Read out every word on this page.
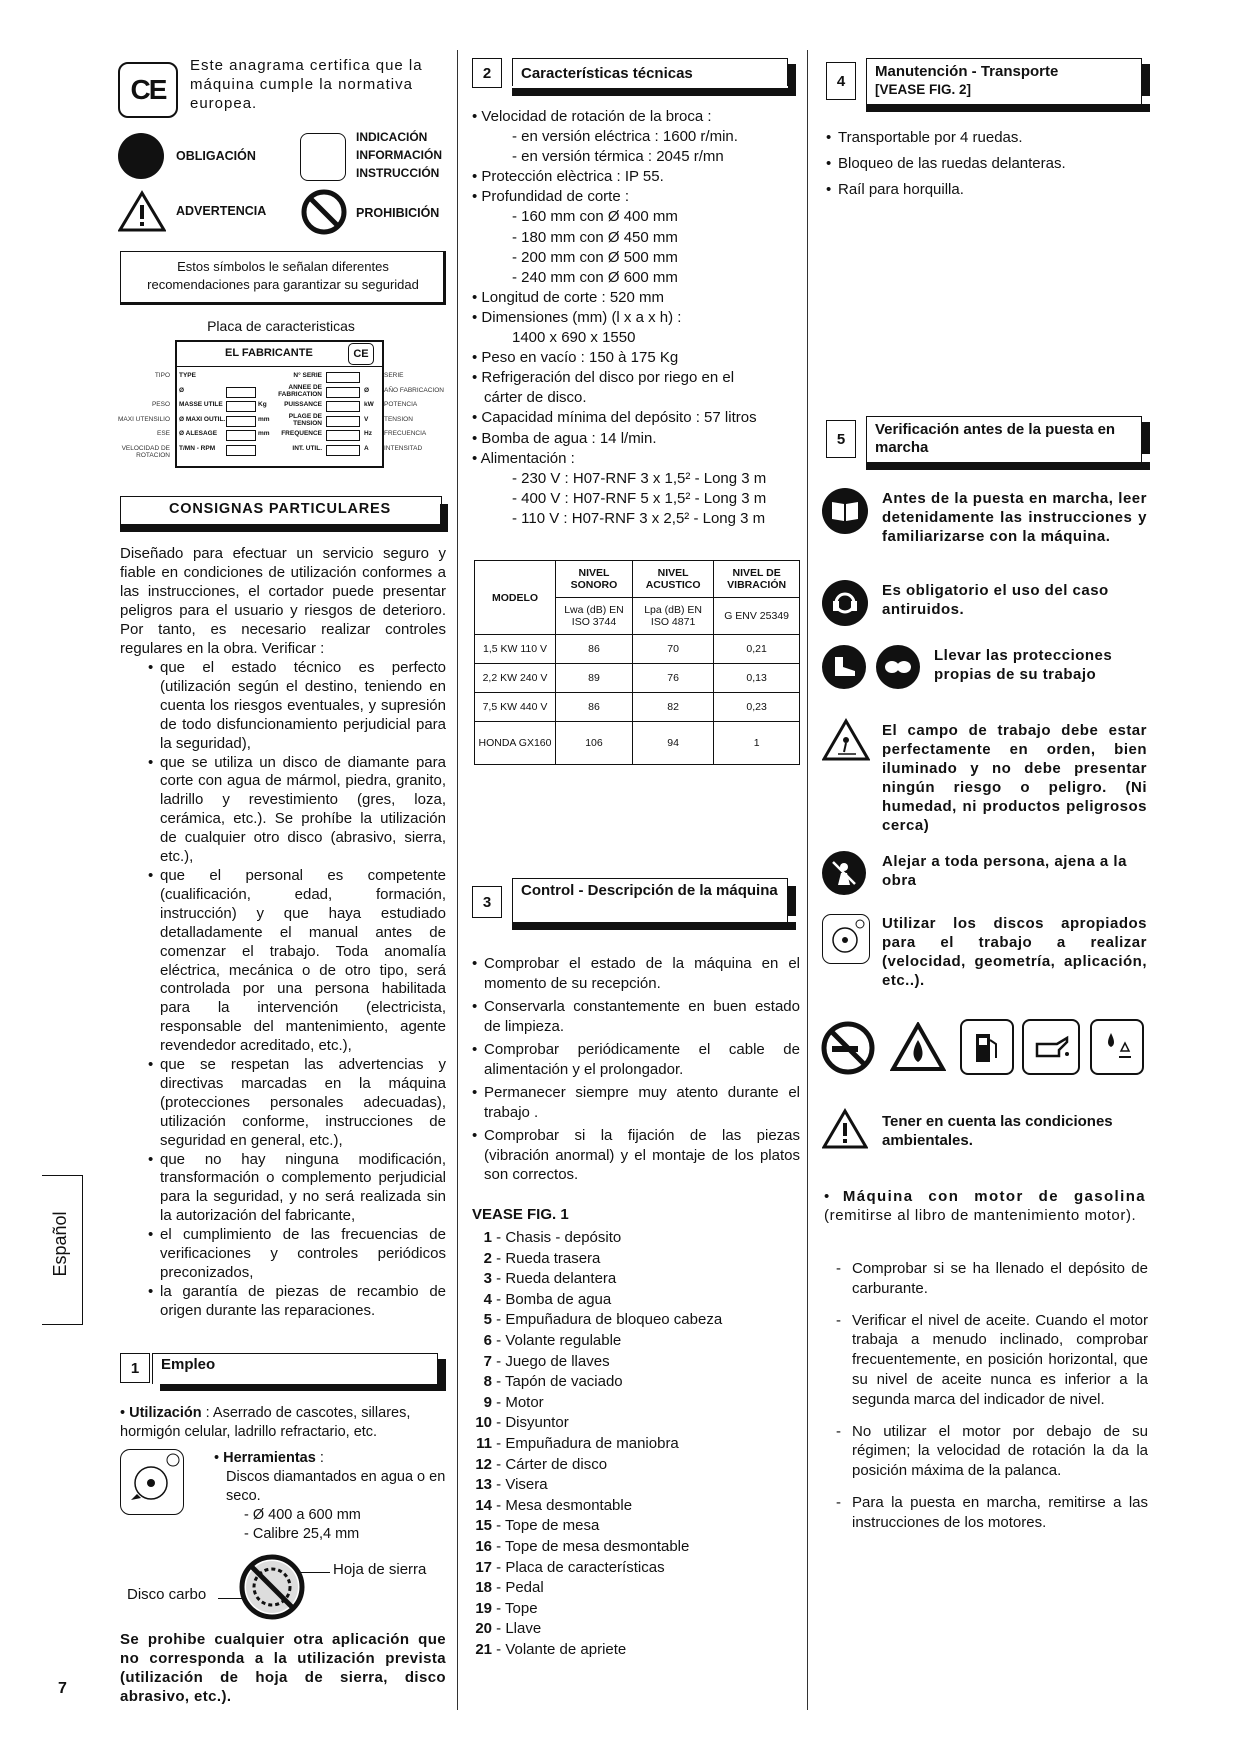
Español
7
CE
Este anagrama certifica que la máquina cumple la normativa europea.
OBLIGACIÓN
INDICACIÓN
INFORMACIÓN
INSTRUCCIÓN
ADVERTENCIA	PROHIBICIÓN
Estos símbolos le señalan diferentes recomendaciones para garantizar su seguridad
Placa de caracteristicas
EL FABRICANTE	CE
TIPO
PESO
MAXI UTENSILIO
ESE
VELOCIDAD DE ROTACION
TYPE
Ø
MASSE UTILE
Ø MAXI OUTIL.
Ø ALESAGE
T/MN - RPM
Kg
mm
mm
N° SERIE
ANNEE DE FABRICATION
PUISSANCE
PLAGE DE TENSION
FREQUENCE
INT. UTIL.
Ø
kW
V
Hz
A
SERIE
AÑO FABRICACION
POTENCIA
TENSION
FRECUENCIA
INTENSITAD
CONSIGNAS PARTICULARES
Diseñado para efectuar un servicio seguro y fiable en condiciones de utilización conformes a las instrucciones, el cortador puede presentar peligros para el usuario y riesgos de deterioro. Por tanto, es necesario realizar controles regulares en la obra. Verificar :
• que el estado técnico es perfecto (utilización según el destino, teniendo en cuenta los riesgos eventuales, y supresión de todo disfuncionamiento perjudicial para la seguridad),
• que se utiliza un disco de diamante para corte con agua de mármol, piedra, granito, ladrillo y revestimiento (gres, loza, cerámica, etc.). Se prohíbe la utilización de cualquier otro disco (abrasivo, sierra, etc.),
• que el personal es competente (cualificación, edad, formación, instrucción) y que haya estudiado detalladamente el manual antes de comenzar el trabajo. Toda anomalía eléctrica, mecánica o de otro tipo, será controlada por una persona habilitada para la intervención (electricista, responsable del mantenimiento, agente revendedor acreditado, etc.),
• que se respetan las advertencias y directivas marcadas en la máquina (protecciones personales adecuadas), utilización conforme, instrucciones de seguridad en general, etc.),
• que no hay ninguna modificación, transformación o complemento perjudicial para la seguridad, y no será realizada sin la autorización del fabricante,
• el cumplimiento de las frecuencias de verificaciones y controles periódicos preconizados,
• la garantía de piezas de recambio de origen durante las reparaciones.
1	Empleo
• Utilización : Aserrado de cascotes, sillares, hormigón celular, ladrillo refractario, etc.
• Herramientas :
Discos diamantados en agua o en seco.
- Ø 400 a 600 mm
- Calibre 25,4 mm
Hoja de sierra
Disco carbo
Se prohibe cualquier otra aplicación que no corresponda a la utilización prevista (utilización de hoja de sierra, disco abrasivo, etc.).
2	Características técnicas
• Velocidad de rotación de la broca :
- en versión eléctrica : 1600 r/min.
- en versión térmica : 2045 r/mn
• Protección elèctrica : IP 55.
• Profundidad de corte :
- 160 mm con Ø 400 mm
- 180 mm con Ø 450 mm
- 200 mm con Ø 500 mm
- 240 mm con Ø 600 mm
• Longitud de corte : 520 mm
• Dimensiones (mm) (l x a x h) :
1400 x 690 x 1550
• Peso en vacío : 150 à 175 Kg
• Refrigeración del disco por riego en el
cárter de disco.
• Capacidad mínima del depósito : 57 litros
• Bomba de agua : 14 l/min.
• Alimentación :
- 230 V : H07-RNF 3 x 1,5² - Long 3 m
- 400 V : H07-RNF 5 x 1,5² - Long 3 m
- 110 V : H07-RNF 3 x 2,5² - Long 3 m
MODELO	NIVEL SONORO	NIVEL ACUSTICO	NIVEL DE VIBRACIÓN
	Lwa (dB) EN ISO 3744	Lpa (dB) EN ISO 4871	G ENV 25349
1,5 KW 110 V	86	70	0,21
2,2 KW 240 V	89	76	0,13
7,5 KW 440 V	86	82	0,23
HONDA GX160	106	94	1
3
Control - Descripción de la máquina
• Comprobar el estado de la máquina en el momento de su recepción.
• Conservarla constantemente en buen estado de limpieza.
• Comprobar periódicamente el cable de alimentación y el prolongador.
• Permanecer siempre muy atento durante el trabajo .
• Comprobar si la fijación de las piezas (vibración anormal) y el montaje de los platos son correctos.
VEASE FIG. 1
1 - Chasis - depósito
2 - Rueda trasera
3 - Rueda delantera
4 - Bomba de agua
5 - Empuñadura de bloqueo cabeza
6 - Volante regulable
7 - Juego de llaves
8 - Tapón de vaciado
9 - Motor
10 - Disyuntor
11 - Empuñadura de maniobra
12 - Cárter de disco
13 - Visera
14 - Mesa desmontable
15 - Tope de mesa
16 - Tope de mesa desmontable
17 - Placa de características
18 - Pedal
19 - Tope
20 - Llave
21 - Volante de apriete
4
Manutención - Transporte
[VEASE FIG. 2]
• Transportable por 4 ruedas.
• Bloqueo de las ruedas delanteras.
• Raíl para horquilla.
5
Verificación antes de la puesta en marcha
Antes de la puesta en marcha, leer detenidamente las instrucciones y familiarizarse con la máquina.
Es obligatorio el uso del caso antiruidos.
Llevar las protecciones propias de su trabajo
El campo de trabajo debe estar perfectamente en orden, bien iluminado y no debe presentar ningún riesgo o peligro. (Ni humedad, ni productos peligrosos cerca)
Alejar a toda persona, ajena a la obra
Utilizar los discos apropiados para el trabajo a realizar (velocidad, geometría, aplicación, etc..).
Tener en cuenta las condiciones ambientales.
• Máquina con motor de gasolina (remitirse al libro de mantenimiento motor).
- Comprobar si se ha llenado el depósito de carburante.
- Verificar el nivel de aceite. Cuando el motor trabaja a menudo inclinado, comprobar frecuentemente, en posición horizontal, que su nivel de aceite nunca es inferior a la segunda marca del indicador de nivel.
- No utilizar el motor por debajo de su régimen; la velocidad de rotación la da la posición máxima de la palanca.
- Para la puesta en marcha, remitirse a las instrucciones de los motores.
